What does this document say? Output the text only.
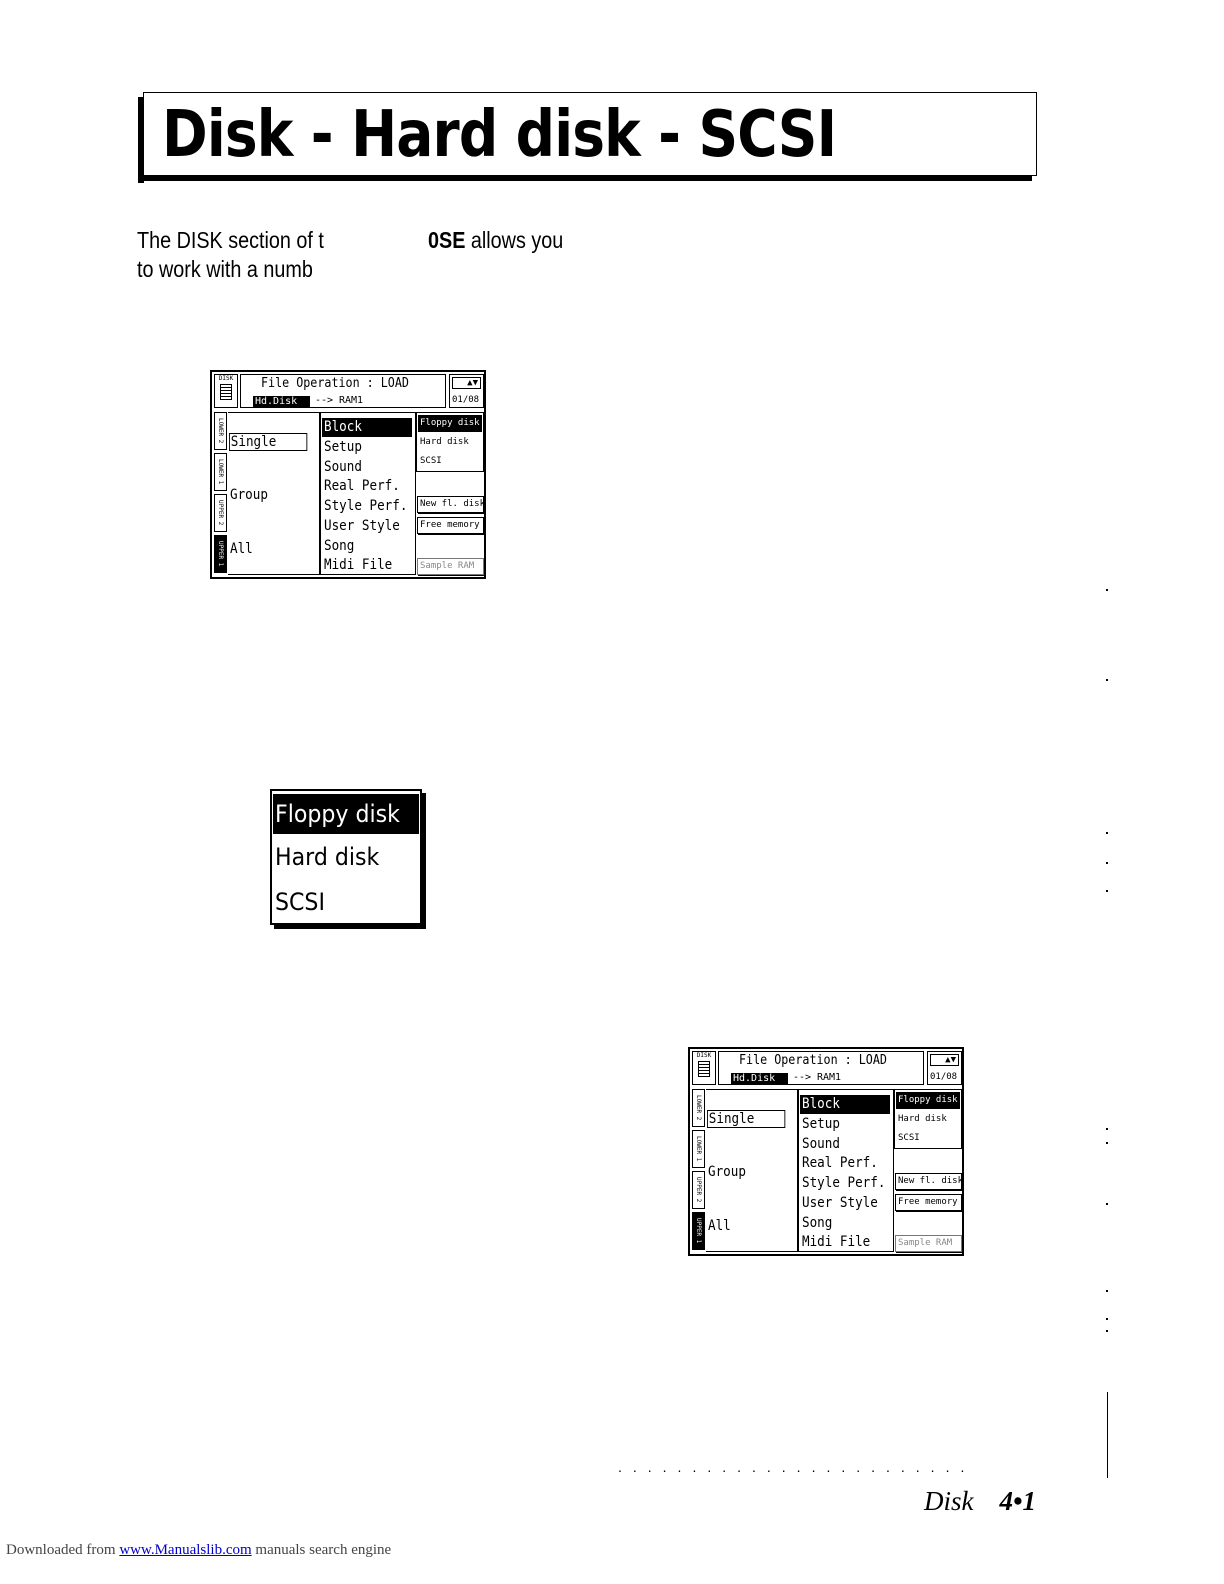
Disk - Hard disk - SCSI
The DISK section of t	0SE allows you
to work with a numb
DISK	File Operation : LOAD
Hd.Disk	--> RAM1
▲▼
01/08
LOWER 2
LOWER 1
UPPER 2
UPPER 1
Single
Group
All
Block
Setup
Sound
Real Perf.
Style Perf.
User Style
Song
Midi File
Floppy disk
Hard disk
SCSI
New fl. disk
Free memory
Sample RAM
Floppy disk
Hard disk
SCSI
DISK	File Operation : LOAD
Hd.Disk	--> RAM1
▲▼
01/08
LOWER 2
LOWER 1
UPPER 2
UPPER 1
Single
Group
All
Block
Setup
Sound
Real Perf.
Style Perf.
User Style
Song
Midi File
Floppy disk
Hard disk
SCSI
New fl. disk
Free memory
Sample RAM
........................
Disk 4•1
Downloaded from www.Manualslib.com manuals search engine
